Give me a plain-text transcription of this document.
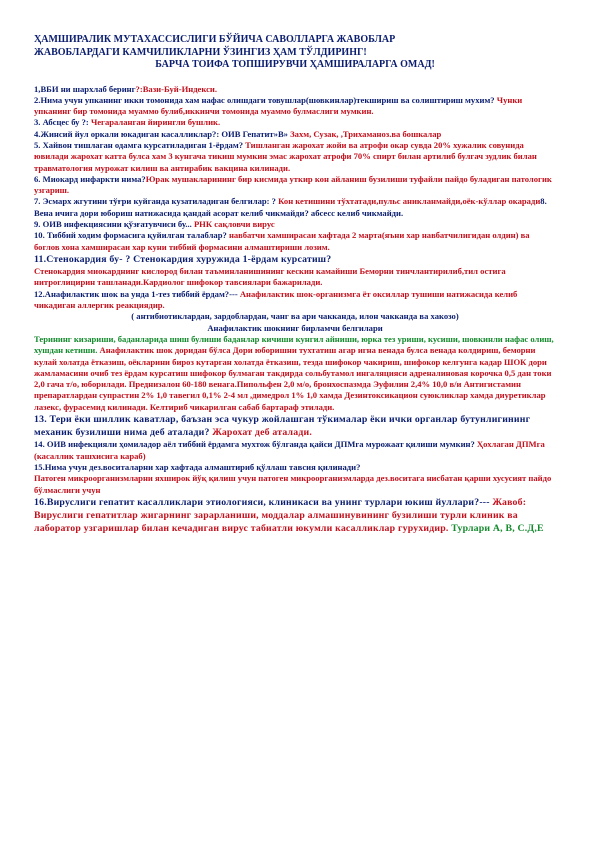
ҲАМШИРАЛИК МУТАХАССИСЛИГИ БЎЙИЧА САВОЛЛАРГА ЖАВОБЛАР
ЖАВОБЛАРДАГИ КАМЧИЛИКЛАРНИ ЎЗИНГИЗ ҲАМ ТЎЛДИРИНГ!
БАРЧА ТОИФА ТОПШИРУВЧИ ҲАМШИРАЛАРГА ОМАД!

1,ВБИ ни шархлаб беринг?:Вази-Буй-Индекси.

2.Нима учун упканинг икки томонида хам нафас олишдаги товушлар(шовкинлар)текшириш ва солиштириш мухим? Чунки упканинг бир томонида муаммо булиб,иккинчи томонида муаммо булмаслиги мумкин.

3. Абсцеc бу ?: Чегараланган йирингли бушлик.

4.Жинсий йул оркали юкадиган касалликлар?: ОИВ Гепатит»В» Захм, Сузак, ,Трихаманоз.ва бошкалар

5. Хайвон тишлаган одамга курсатиладиган 1-ёрдам? Тишланган жарохат жойи ва атрофи окар сувда 20% хужалик совунида ювилади жарохат катта булса хам 3 кунгача тикиш мумкин эмас жарохат атрофи 70% спирт билан артилиб булгач зудлик билан травматология мурожат килиш ва антирабик вакцина килинади.

6. Миокард инфаркти нима?Юрак мушакларининг бир кисмида уткир кон айланиш бузилиши туфайли пайдо буладиган патологик узгариш.

7. Эсмарх жгутини тўғри куйганда кузатиладиган белгилар: ? Кон кетишини тўхтатади,пульс аникланмайди,оёк-кўллар окаради8. Вена ичига дори юбориш натижасида қандай асорат келиб чикмайди? абсесс келиб чикмайди.

9. ОИВ инфекциясини қўзғатувчиси бу... РНК сақловчи вирус

10. Тиббий ходим формасига қуйилган талаблар? навбатчи хамширасаи хафтада 2 марта(яъни хар навбатчилигидан олдин) ва боглов хона хамширасаи хар куни тиббий формасини алмаштириши лозим.

11.Стенокардия бу- ? Стенокардия хуружида 1-ёрдам курсатиш?

Стенокардия миокарднинг кислород билан таъминланишининг кескин камайиши Беморни тинчлантирилиб,тил остига нитроглицирин ташланади.Кардиолог шифокор тавсиялари бажарилади.

12.Анафилактик шок ва унда 1-тез тиббий ёрдам?--- Анафилактик шок-организмга ёт оксиллар тушиши натижасида келиб чикадиган аллергик реакциядир.

( антибиотиклардан, зардоблардан, чанг ва ари чакканда, илон чакканда ва хакозо)

Анафилактик шокнинг бирламчи белгилари

Терининг кизариши, баданларида шиш булиши баданлар кичиши кунгил айниши, юрка тез уриши, кусиши, шовкинли нафас олиш, хушдан кетиши. Анафилактик шок доридан бўлса Дори юборишни тухтатиш агар игна венада булса венада колдириш, беморни кулай холатда ётказиш, оёкларини бироз кутарган холатда ётказиш, тезда шифокор чакириш, шифокор келгунга кадар ШОК дори жамламасини очиб тез ёрдам курсатиш шифокор булмаган такдирда сольбутамол ингаляцияси адреналиновая корочка 0,5 дан токи 2,0 гача т/о, юборилади. Преднизалон 60-180 венага.Пипольфен 2,0 м/о, бронхоспазмда Эуфилин 2,4% 10,0 в/и Антигистамин препаратлардан супрастин 2% 1,0 тавегил 0,1% 2-4 мл ,димедрол 1% 1,0 хамда Дезинтоксикацион суюкликлар хамда диуретиклар лазекс, фурасемид килинади. Келтириб чикарилган сабаб бартараф этилади.

13. Тери ёки шиллик каватлар, баъзан эса чукур жойлашган тўкималар ёки ички органлар бутунлигининг механик бузилиши нима деб аталади? Жарохат деб аталади.

14. ОИВ инфекцияли ҳомиладор аёл тиббий ёрдамга мухтож бўлганда қайси ДПМга мурожаат қилиши мумкин? Ҳохлаган ДПМга (касаллик ташхисига караб)

15.Нима учун дез.воситаларни хар хафтада алмаштириб қўллаш тавсия қилинади?

Патоген микроорганизмларни яхширок йўқ қилиш учун патоген микроорганизмларда дез.воситага нисбатан қарши хусусият пайдо бўлмаслиги учун

16.Вируслиги гепатит касалликлари этиологияси, клиникаси ва унинг турлари юкиш йуллари?--- Жавоб: Вируслиги гепатитлар жигарнинг зарарланиши, моддалар алмашинувининг бузилиши турли клиник ва лаборатор узгаришлар билан кечадиган вирус табиатли юкумли касалликлар гурухидир. Турлари А, В, С.Д,Е
